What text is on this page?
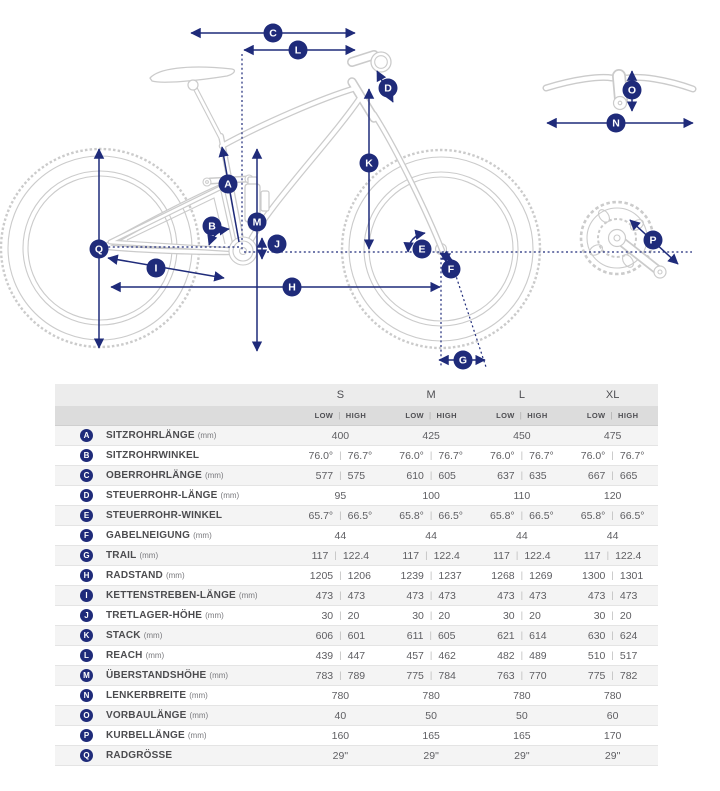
A
B
C
D
E
F
G
H
I
J
K
L
M
N
O
P
Q
S	M	L	XL
LOW | HIGH	LOW | HIGH	LOW | HIGH	LOW | HIGH
A	SITZROHRLÄNGE (mm)	400	425	450	475
B	SITZROHRWINKEL	76.0° | 76.7°	76.0° | 76.7°	76.0° | 76.7°	76.0° | 76.7°
C	OBERROHRLÄNGE (mm)	577 | 575	610 | 605	637 | 635	667 | 665
D	STEUERROHR-LÄNGE (mm)	95	100	110	120
E	STEUERROHR-WINKEL	65.7° | 66.5°	65.8° | 66.5°	65.8° | 66.5°	65.8° | 66.5°
F	GABELNEIGUNG (mm)	44	44	44	44
G	TRAIL (mm)	117 | 122.4	117 | 122.4	117 | 122.4	117 | 122.4
H	RADSTAND (mm)	1205 | 1206	1239 | 1237	1268 | 1269	1300 | 1301
I	KETTENSTREBEN-LÄNGE (mm)	473 | 473	473 | 473	473 | 473	473 | 473
J	TRETLAGER-HÖHE (mm)	30 | 20	30 | 20	30 | 20	30 | 20
K	STACK (mm)	606 | 601	611 | 605	621 | 614	630 | 624
L	REACH (mm)	439 | 447	457 | 462	482 | 489	510 | 517
M	ÜBERSTANDSHÖHE (mm)	783 | 789	775 | 784	763 | 770	775 | 782
N	LENKERBREITE (mm)	780	780	780	780
O	VORBAULÄNGE (mm)	40	50	50	60
P	KURBELLÄNGE (mm)	160	165	165	170
Q	RADGRÖSSE	29"	29"	29"	29"
